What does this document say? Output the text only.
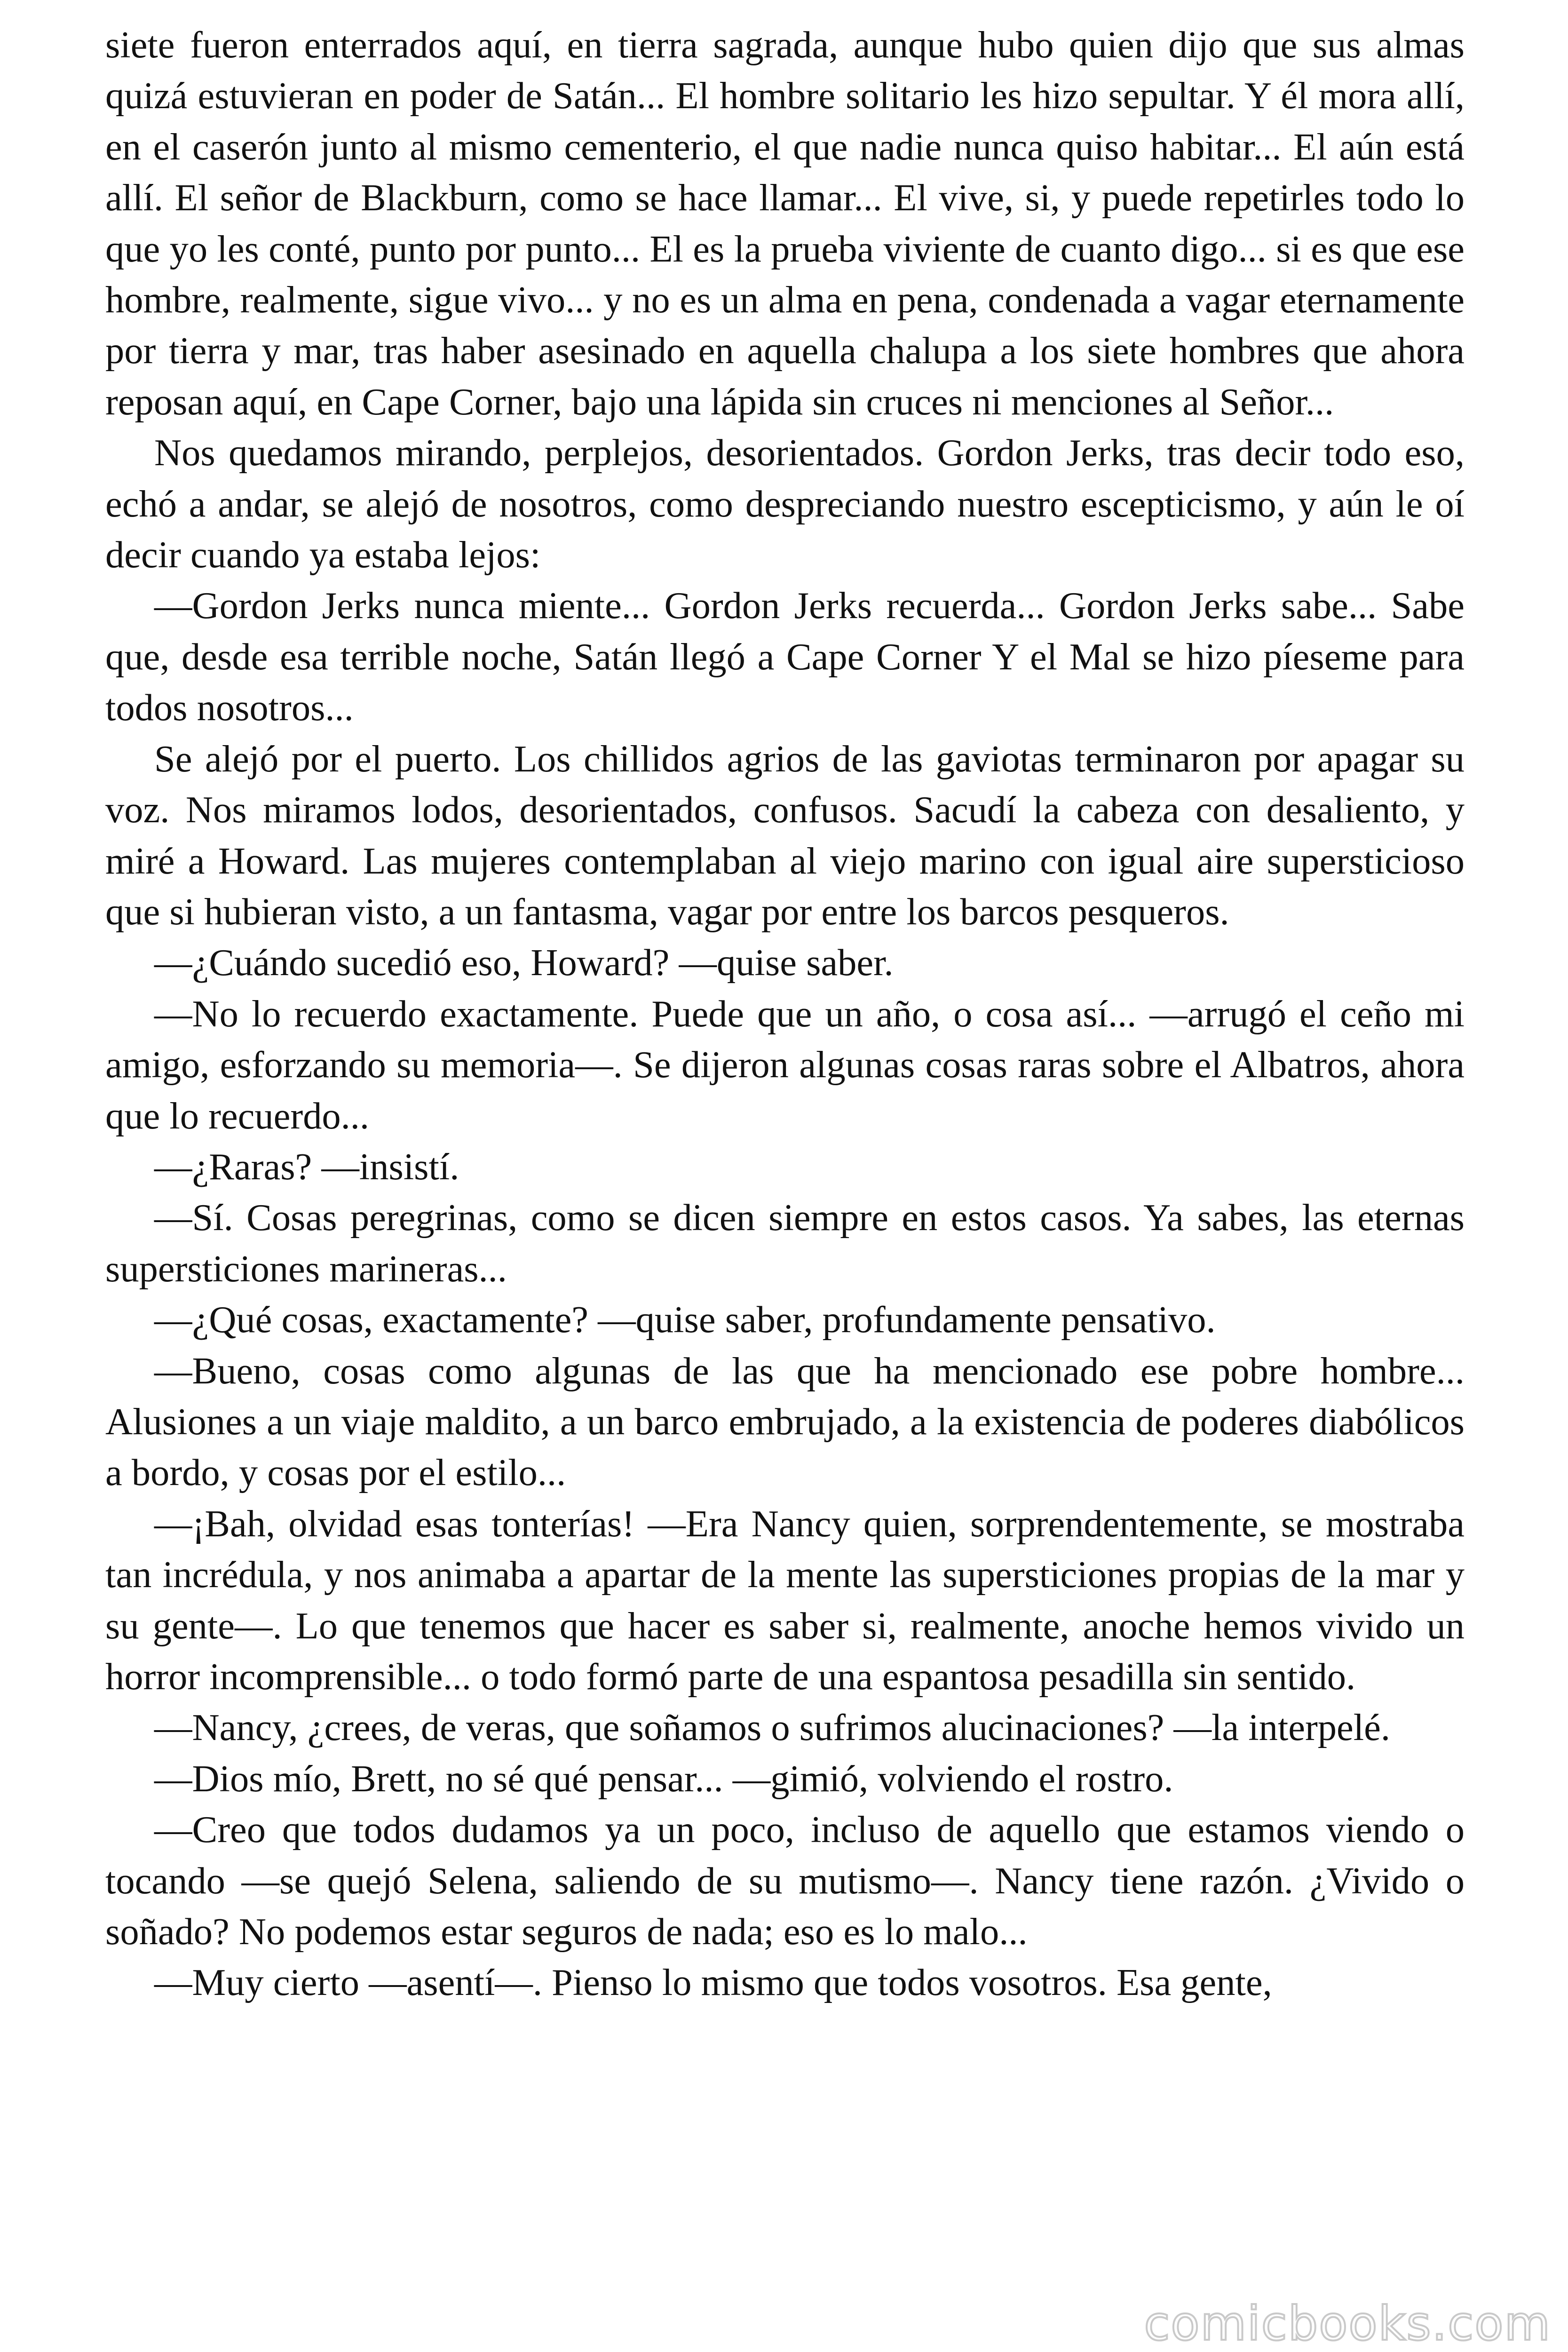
siete fueron enterrados aquí, en tierra sagrada, aunque hubo quien dijo que sus almas quizá estuvieran en poder de Satán... El hombre solitario les hizo sepultar. Y él mora allí, en el caserón junto al mismo cementerio, el que nadie nunca quiso habitar... El aún está allí. El señor de Blackburn, como se hace llamar... El vive, si, y puede repetirles todo lo que yo les conté, punto por punto... El es la prueba viviente de cuanto digo... si es que ese hombre, realmente, sigue vivo... y no es un alma en pena, condenada a vagar eternamente por tierra y mar, tras haber asesinado en aquella chalupa a los siete hombres que ahora reposan aquí, en Cape Corner, bajo una lápida sin cruces ni menciones al Señor...

Nos quedamos mirando, perplejos, desorientados. Gordon Jerks, tras decir todo eso, echó a andar, se alejó de nosotros, como despreciando nuestro escepticismo, y aún le oí decir cuando ya estaba lejos:

—Gordon Jerks nunca miente... Gordon Jerks recuerda... Gordon Jerks sabe... Sabe que, desde esa terrible noche, Satán llegó a Cape Corner Y el Mal se hizo píeseme para todos nosotros...

Se alejó por el puerto. Los chillidos agrios de las gaviotas terminaron por apagar su voz. Nos miramos lodos, desorientados, confusos. Sacudí la cabeza con desaliento, y miré a Howard. Las mujeres contemplaban al viejo marino con igual aire supersticioso que si hubieran visto, a un fantasma, vagar por entre los barcos pesqueros.

—¿Cuándo sucedió eso, Howard? —quise saber.

—No lo recuerdo exactamente. Puede que un año, o cosa así... —arrugó el ceño mi amigo, esforzando su memoria—. Se dijeron algunas cosas raras sobre el Albatros, ahora que lo recuerdo...

—¿Raras? —insistí.

—Sí. Cosas peregrinas, como se dicen siempre en estos casos. Ya sabes, las eternas supersticiones marineras...

—¿Qué cosas, exactamente? —quise saber, profundamente pensativo.

—Bueno, cosas como algunas de las que ha mencionado ese pobre hombre... Alusiones a un viaje maldito, a un barco embrujado, a la existencia de poderes diabólicos a bordo, y cosas por el estilo...

—¡Bah, olvidad esas tonterías! —Era Nancy quien, sorprendentemente, se mostraba tan incrédula, y nos animaba a apartar de la mente las supersticiones propias de la mar y su gente—. Lo que tenemos que hacer es saber si, realmente, anoche hemos vivido un horror incomprensible... o todo formó parte de una espantosa pesadilla sin sentido.

—Nancy, ¿crees, de veras, que soñamos o sufrimos alucinaciones? —la interpelé.

—Dios mío, Brett, no sé qué pensar... —gimió, volviendo el rostro.

—Creo que todos dudamos ya un poco, incluso de aquello que estamos viendo o tocando —se quejó Selena, saliendo de su mutismo—. Nancy tiene razón. ¿Vivido o soñado? No podemos estar seguros de nada; eso es lo malo...

—Muy cierto —asentí—. Pienso lo mismo que todos vosotros. Esa gente,

comicbooks.com
